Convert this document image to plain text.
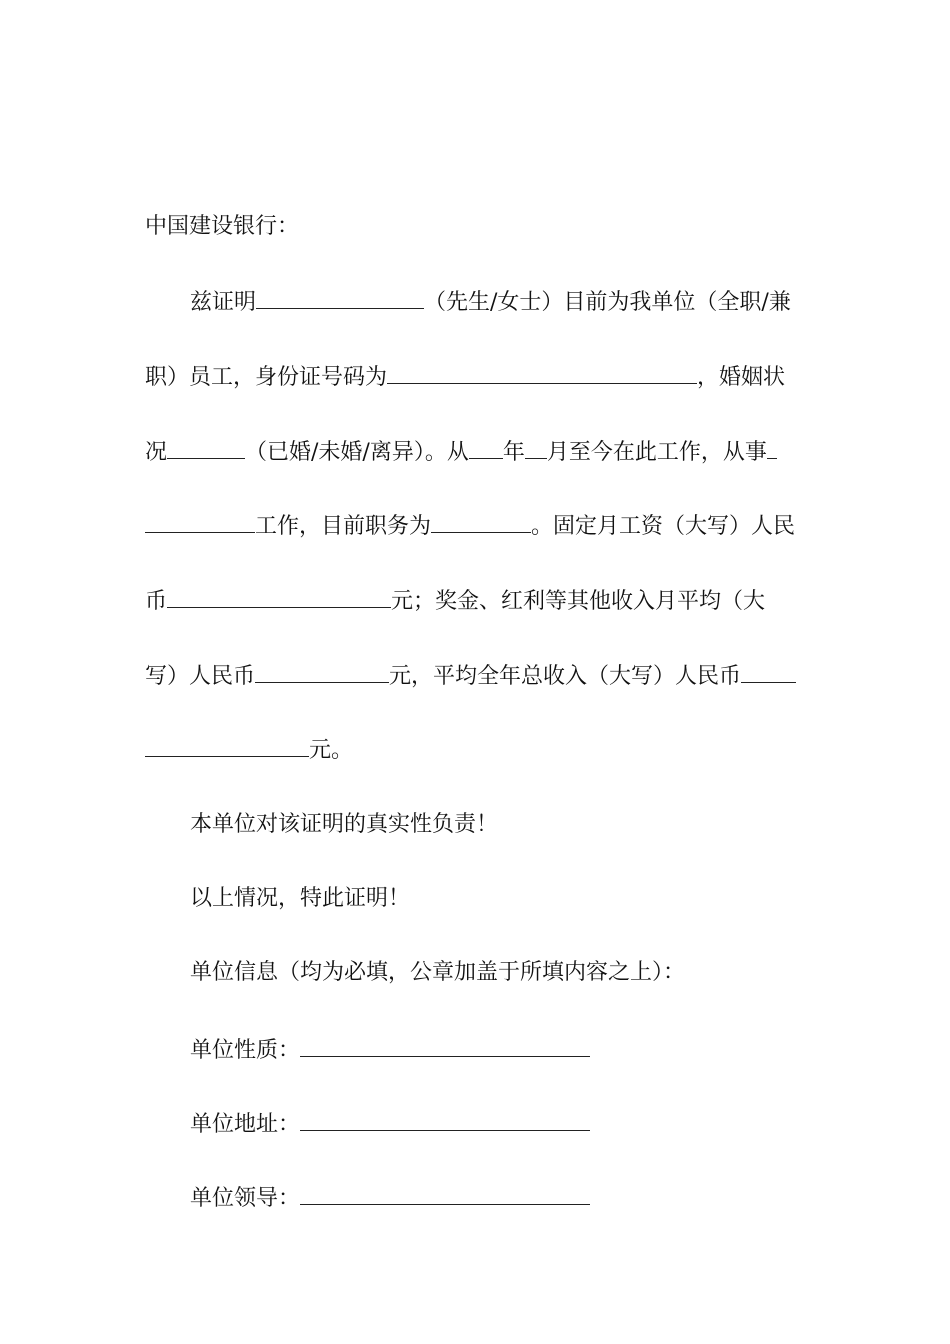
中国建设银行：
兹证明	（先生/女士）目前为我单位（全职/兼
职）员工，身份证号码为	，婚姻状
况	（已婚/未婚/离异）。从 年 月至今在此工作，从事
工作，目前职务为	。固定月工资（大写）人民
币	元；奖金、红利等其他收入月平均（大
写）人民币	元，平均全年总收入（大写）人民币
元。
本单位对该证明的真实性负责！
以上情况，特此证明！
单位信息（均为必填，公章加盖于所填内容之上）：
单位性质：
单位地址：
单位领导：
